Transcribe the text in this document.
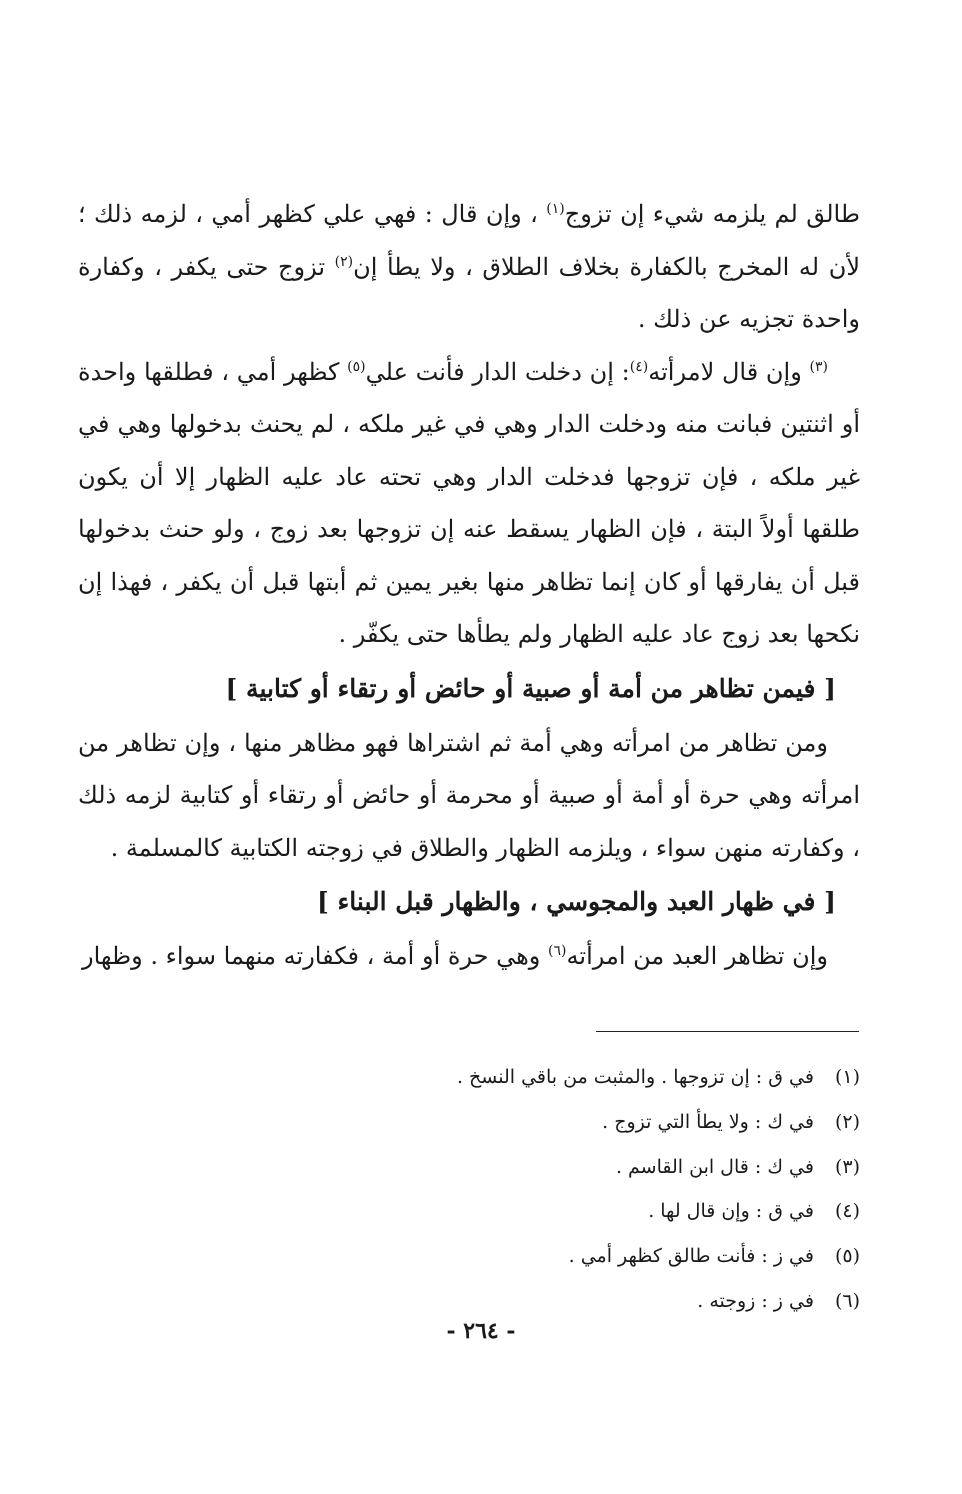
طالق لم يلزمه شيء إن تزوج$^{(١)}$ ، وإن قال : فهي علي كظهر أمي ، لزمه ذلك ؛ لأن له المخرج بالكفارة بخلاف الطلاق ، ولا يطأ إن$^{(٢)}$ تزوج حتى يكفر ، وكفارة واحدة تجزيه عن ذلك .

$^{(٣)}$ وإن قال لامرأته$^{(٤)}$: إن دخلت الدار فأنت علي$^{(٥)}$ كظهر أمي ، فطلقها واحدة أو اثنتين فبانت منه ودخلت الدار وهي في غير ملكه ، لم يحنث بدخولها وهي في غير ملكه ، فإن تزوجها فدخلت الدار وهي تحته عاد عليه الظهار إلا أن يكون طلقها أولاً البتة ، فإن الظهار يسقط عنه إن تزوجها بعد زوج ، ولو حنث بدخولها قبل أن يفارقها أو كان إنما تظاهر منها بغير يمين ثم أبتها قبل أن يكفر ، فهذا إن نكحها بعد زوج عاد عليه الظهار ولم يطأها حتى يكفّر .

[ فيمن تظاهر من أمة أو صبية أو حائض أو رتقاء أو كتابية ]

ومن تظاهر من امرأته وهي أمة ثم اشتراها فهو مظاهر منها ، وإن تظاهر من امرأته وهي حرة أو أمة أو صبية أو محرمة أو حائض أو رتقاء أو كتابية لزمه ذلك ، وكفارته منهن سواء ، ويلزمه الظهار والطلاق في زوجته الكتابية كالمسلمة .

[ في ظهار العبد والمجوسي ، والظهار قبل البناء ]

وإن تظاهر العبد من امرأته$^{(٦)}$ وهي حرة أو أمة ، فكفارته منهما سواء . وظهار

(١) في ق : إن تزوجها . والمثبت من باقي النسخ .
(٢) في ك : ولا يطأ التي تزوج .
(٣) في ك : قال ابن القاسم .
(٤) في ق : وإن قال لها .
(٥) في ز : فأنت طالق كظهر أمي .
(٦) في ز : زوجته .
- ٢٦٤ -
